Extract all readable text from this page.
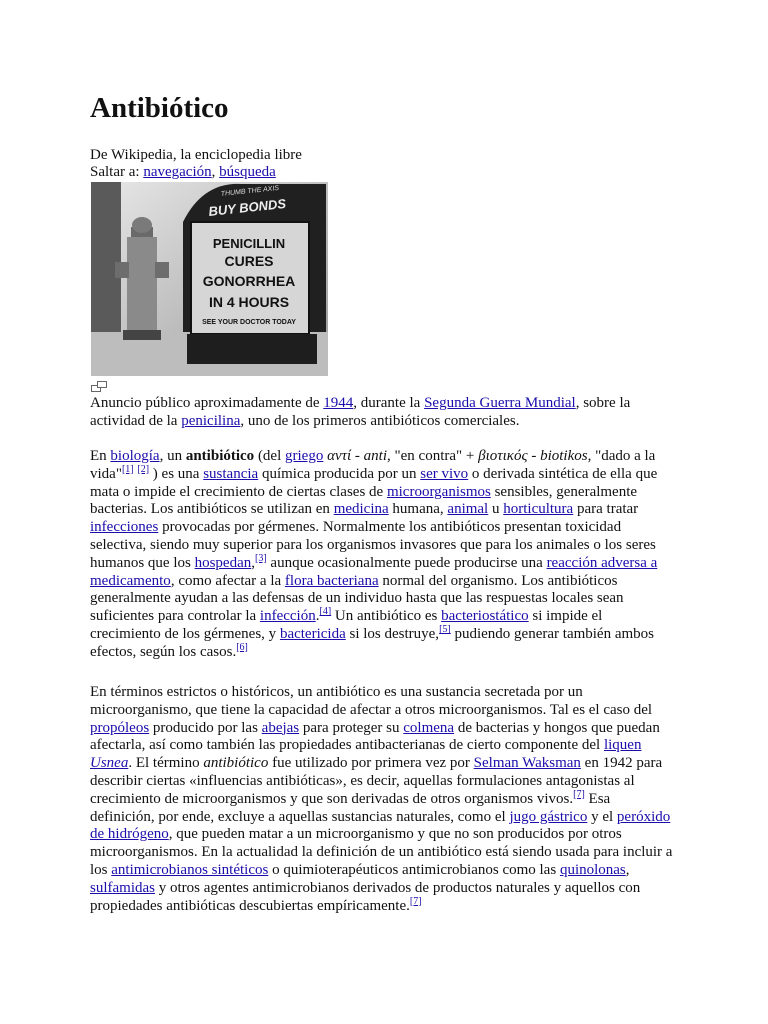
Antibiótico
De Wikipedia, la enciclopedia libre
Saltar a: navegación, búsqueda
THUMB THE AXIS
BUY BONDS
PENICILLIN
CURES
GONORRHEA
IN 4 HOURS
SEE YOUR DOCTOR TODAY

Anuncio público aproximadamente de 1944, durante la Segunda Guerra Mundial, sobre la
actividad de la penicilina, uno de los primeros antibióticos comerciales.

En biología, un antibiótico (del griego αντί - anti, "en contra" + βιοτικός - biotikos, "dado a la
vida"[1] [2] ) es una sustancia química producida por un ser vivo o derivada sintética de ella que
mata o impide el crecimiento de ciertas clases de microorganismos sensibles, generalmente
bacterias. Los antibióticos se utilizan en medicina humana, animal u horticultura para tratar
infecciones provocadas por gérmenes. Normalmente los antibióticos presentan toxicidad
selectiva, siendo muy superior para los organismos invasores que para los animales o los seres
humanos que los hospedan,[3] aunque ocasionalmente puede producirse una reacción adversa a
medicamento, como afectar a la flora bacteriana normal del organismo. Los antibióticos
generalmente ayudan a las defensas de un individuo hasta que las respuestas locales sean
suficientes para controlar la infección.[4] Un antibiótico es bacteriostático si impide el
crecimiento de los gérmenes, y bactericida si los destruye,[5] pudiendo generar también ambos
efectos, según los casos.[6]

En términos estrictos o históricos, un antibiótico es una sustancia secretada por un
microorganismo, que tiene la capacidad de afectar a otros microorganismos. Tal es el caso del
propóleos producido por las abejas para proteger su colmena de bacterias y hongos que puedan
afectarla, así como también las propiedades antibacterianas de cierto componente del liquen
Usnea. El término antibiótico fue utilizado por primera vez por Selman Waksman en 1942 para
describir ciertas «influencias antibióticas», es decir, aquellas formulaciones antagonistas al
crecimiento de microorganismos y que son derivadas de otros organismos vivos.[7] Esa
definición, por ende, excluye a aquellas sustancias naturales, como el jugo gástrico y el peróxido
de hidrógeno, que pueden matar a un microorganismo y que no son producidos por otros
microorganismos. En la actualidad la definición de un antibiótico está siendo usada para incluir a
los antimicrobianos sintéticos o quimioterapéuticos antimicrobianos como las quinolonas,
sulfamidas y otros agentes antimicrobianos derivados de productos naturales y aquellos con
propiedades antibióticas descubiertas empíricamente.[7]
